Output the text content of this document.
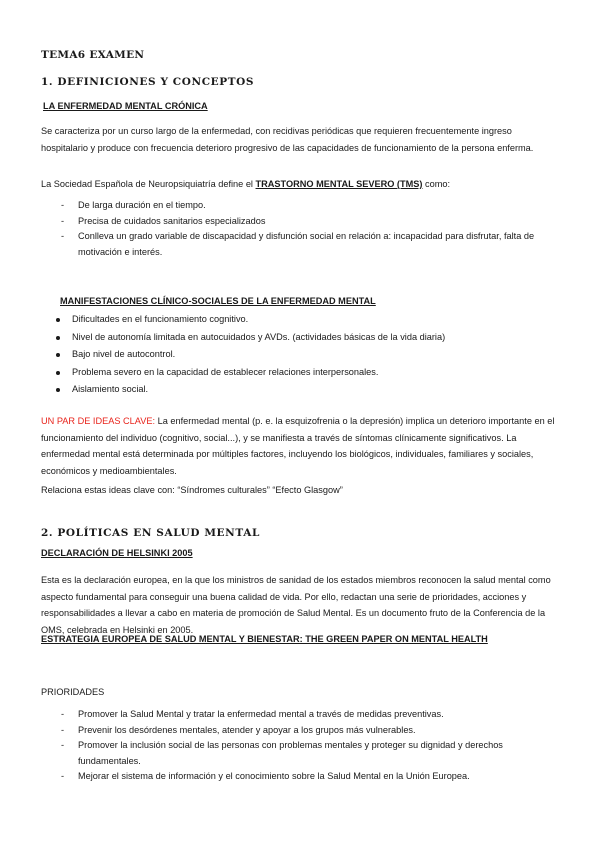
TEMA6 EXAMEN
1. DEFINICIONES Y CONCEPTOS
LA ENFERMEDAD MENTAL CRÓNICA
Se caracteriza por un curso largo de la enfermedad, con recidivas periódicas que requieren frecuentemente ingreso hospitalario y produce con frecuencia deterioro progresivo de las capacidades de funcionamiento de la persona enferma.
La Sociedad Española de Neuropsiquiatría define el TRASTORNO MENTAL SEVERO (TMS) como:
- De larga duración en el tiempo.
- Precisa de cuidados sanitarios especializados
- Conlleva un grado variable de discapacidad y disfunción social en relación a: incapacidad para disfrutar, falta de motivación e interés.
MANIFESTACIONES CLÍNICO-SOCIALES DE LA ENFERMEDAD MENTAL
Dificultades en el funcionamiento cognitivo.
Nivel de autonomía limitada en autocuidados y AVDs. (actividades básicas de la vida diaria)
Bajo nivel de autocontrol.
Problema severo en la capacidad de establecer relaciones interpersonales.
Aislamiento social.
UN PAR DE IDEAS CLAVE: La enfermedad mental (p. e. la esquizofrenia o la depresión) implica un deterioro importante en el funcionamiento del individuo (cognitivo, social...), y se manifiesta a través de síntomas clínicamente significativos. La enfermedad mental está determinada por múltiples factores, incluyendo los biológicos, individuales, familiares y sociales, económicos y medioambientales.
Relaciona estas ideas clave con: “Síndromes culturales” “Efecto Glasgow”
2. POLÍTICAS EN SALUD MENTAL
DECLARACIÓN DE HELSINKI 2005
Esta es la declaración europea, en la que los ministros de sanidad de los estados miembros reconocen la salud mental como aspecto fundamental para conseguir una buena calidad de vida. Por ello, redactan una serie de prioridades, acciones y responsabilidades a llevar a cabo en materia de promoción de Salud Mental. Es un documento fruto de la Conferencia de la OMS, celebrada en Helsinki en 2005.
ESTRATEGIA EUROPEA DE SALUD MENTAL Y BIENESTAR: THE GREEN PAPER ON MENTAL HEALTH
PRIORIDADES
- Promover la Salud Mental y tratar la enfermedad mental a través de medidas preventivas.
- Prevenir los desórdenes mentales, atender y apoyar a los grupos más vulnerables.
- Promover la inclusión social de las personas con problemas mentales y proteger su dignidad y derechos fundamentales.
- Mejorar el sistema de información y el conocimiento sobre la Salud Mental en la Unión Europea.
